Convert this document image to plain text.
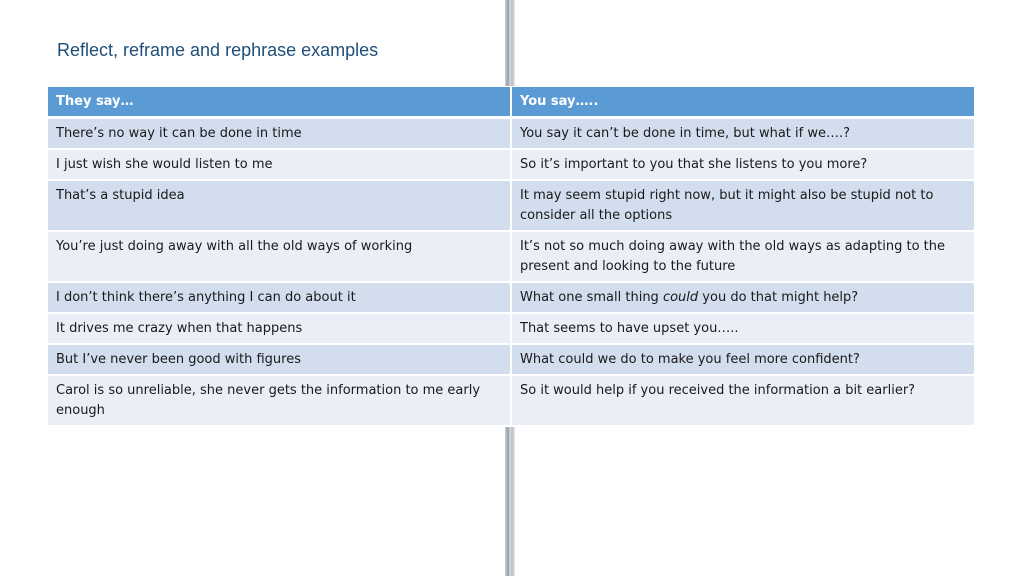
Reflect, reframe and rephrase examples
They say…	You say…..
There’s no way it can be done in time	You say it can’t be done in time, but what if we….?
I just wish she would listen to me	So it’s important to you that she listens to you more?
That’s a stupid idea	It may seem stupid right now, but it might also be stupid not to consider all the options
You’re just doing away with all the old ways of working	It’s not so much doing away with the old ways as adapting to the present and looking to the future
I don’t think there’s anything I can do about it	What one small thing could you do that might help?
It drives me crazy when that happens	That seems to have upset you…..
But I’ve never been good with figures	What could we do to make you feel more confident?
Carol is so unreliable, she never gets the information to me early enough	So it would help if you received the information a bit earlier?
